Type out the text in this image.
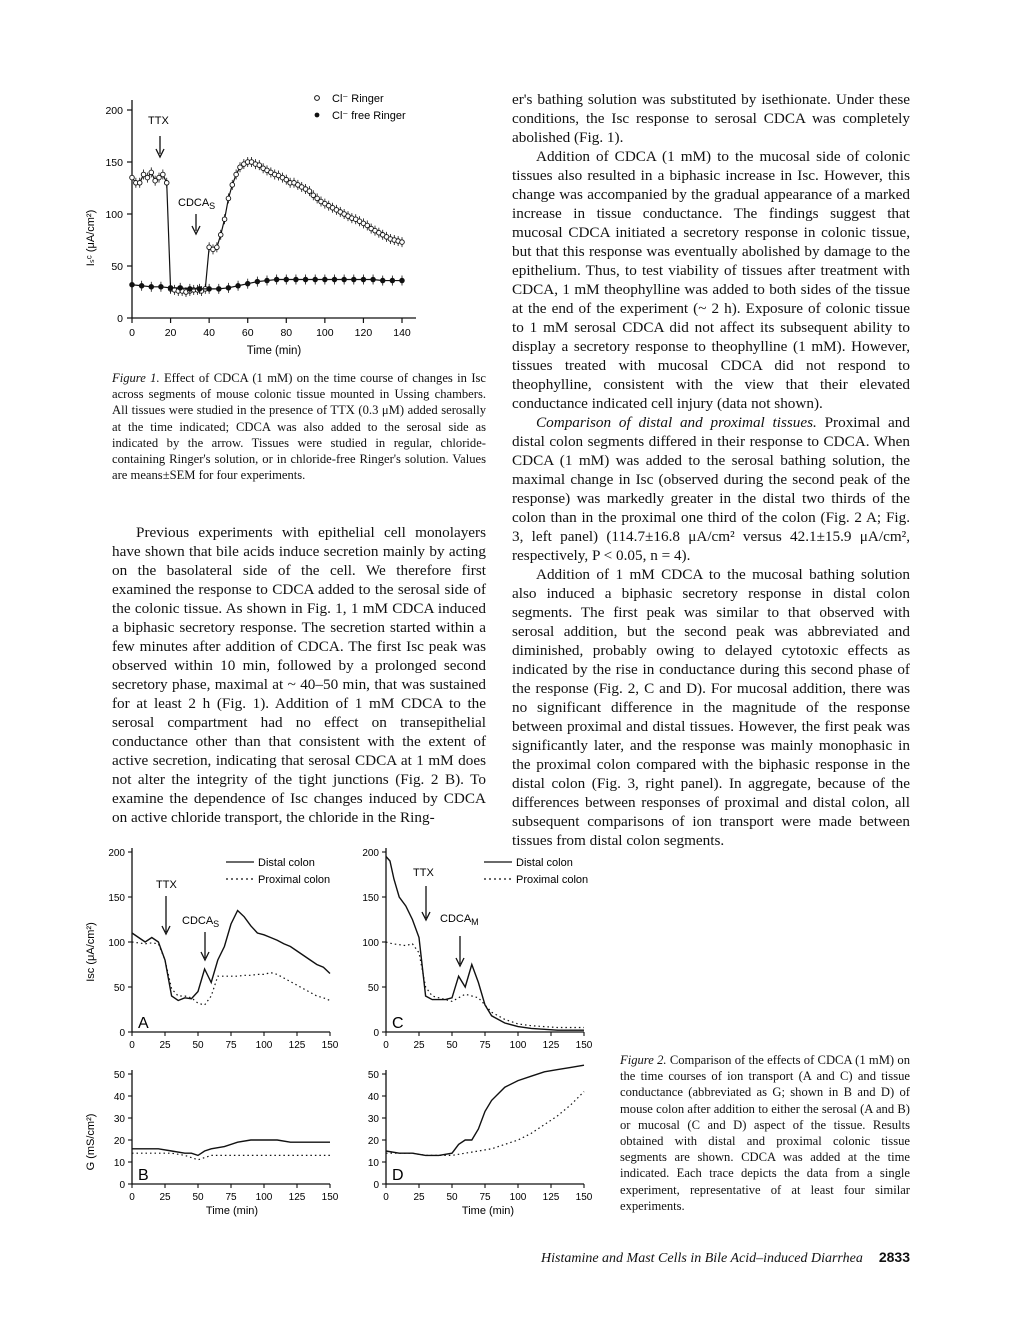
0
50
100
150
200
0	20	40	60	80 100 120 140
Iₛᶜ (μA/cm²)
Time (min)
TTX
$CDCA_S$
Cl⁻ Ringer
Cl⁻ free Ringer
Figure 1. Effect of CDCA (1 mM) on the time course of changes in Isc across segments of mouse colonic tissue mounted in Ussing chambers. All tissues were studied in the presence of TTX (0.3 μM) added serosally at the time indicated; CDCA was also added to the serosal side as indicated by the arrow. Tissues were studied in regular, chloride-containing Ringer's solution, or in chloride-free Ringer's solution. Values are means±SEM for four experiments.

Previous experiments with epithelial cell monolayers have shown that bile acids induce secretion mainly by acting on the basolateral side of the cell. We therefore first examined the response to CDCA added to the serosal side of the colonic tissue. As shown in Fig. 1, 1 mM CDCA induced a biphasic secretory response. The secretion started within a few minutes after addition of CDCA. The first Isc peak was observed within 10 min, followed by a prolonged second secretory phase, maximal at ~ 40–50 min, that was sustained for at least 2 h (Fig. 1). Addition of 1 mM CDCA to the serosal compartment had no effect on transepithelial conductance other than that consistent with the extent of active secretion, indicating that serosal CDCA at 1 mM does not alter the integrity of the tight junctions (Fig. 2 B). To examine the dependence of Isc changes induced by CDCA on active chloride transport, the chloride in the Ring-

er's bathing solution was substituted by isethionate. Under these conditions, the Isc response to serosal CDCA was completely abolished (Fig. 1).

Addition of CDCA (1 mM) to the mucosal side of colonic tissues also resulted in a biphasic increase in Isc. However, this change was accompanied by the gradual appearance of a marked increase in tissue conductance. The findings suggest that mucosal CDCA initiated a secretory response in colonic tissue, but that this response was eventually abolished by damage to the epithelium. Thus, to test viability of tissues after treatment with CDCA, 1 mM theophylline was added to both sides of the tissue at the end of the experiment (~ 2 h). Exposure of colonic tissue to 1 mM serosal CDCA did not affect its subsequent ability to display a secretory response to theophylline (1 mM). However, tissues treated with mucosal CDCA did not respond to theophylline, consistent with the view that their elevated conductance indicated cell injury (data not shown).

Comparison of distal and proximal tissues. Proximal and distal colon segments differed in their response to CDCA. When CDCA (1 mM) was added to the serosal bathing solution, the maximal change in Isc (observed during the second peak of the response) was markedly greater in the distal two thirds of the colon than in the proximal one third of the colon (Fig. 2 A; Fig. 3, left panel) (114.7±16.8 μA/cm² versus 42.1±15.9 μA/cm², respectively, P < 0.05, n = 4).

Addition of 1 mM CDCA to the mucosal bathing solution also induced a biphasic secretory response in distal colon segments. The first peak was similar to that observed with serosal addition, but the second peak was abbreviated and diminished, probably owing to delayed cytotoxic effects as indicated by the rise in conductance during this second phase of the response (Fig. 2, C and D). For mucosal addition, there was no significant difference in the magnitude of the response between proximal and distal tissues. However, the first peak was significantly later, and the response was mainly monophasic in the proximal colon compared with the biphasic response in the distal colon (Fig. 3, right panel). In aggregate, because of the differences between responses of proximal and distal colon, all subsequent comparisons of ion transport were made between tissues from distal colon segments.

0
50
100
150
200
0 25 50 75 100 125 150
A
0
10
20
30
40
50
0 25 50 75 100 125 150
B
0
50
100
150
200
0 25 50 75 100 125 150
C
0
10
20
30
40
50
0 25 50 75 100 125 150
D
Isc (μA/cm²)
G (mS/cm²)
Time (min)	Time (min)
Distal colon
Proximal colon
Distal colon
Proximal colon
TTX
$CDCA_S$
TTX
$CDCA_M$
Figure 2. Comparison of the effects of CDCA (1 mM) on the time courses of ion transport (A and C) and tissue conductance (abbreviated as G; shown in B and D) of mouse colon after addition to either the serosal (A and B) or mucosal (C and D) aspect of the tissue. Results obtained with distal and proximal colonic tissue segments are shown. CDCA was added at the time indicated. Each trace depicts the data from a single experiment, representative of at least four similar experiments.
Histamine and Mast Cells in Bile Acid–induced Diarrhea 2833
